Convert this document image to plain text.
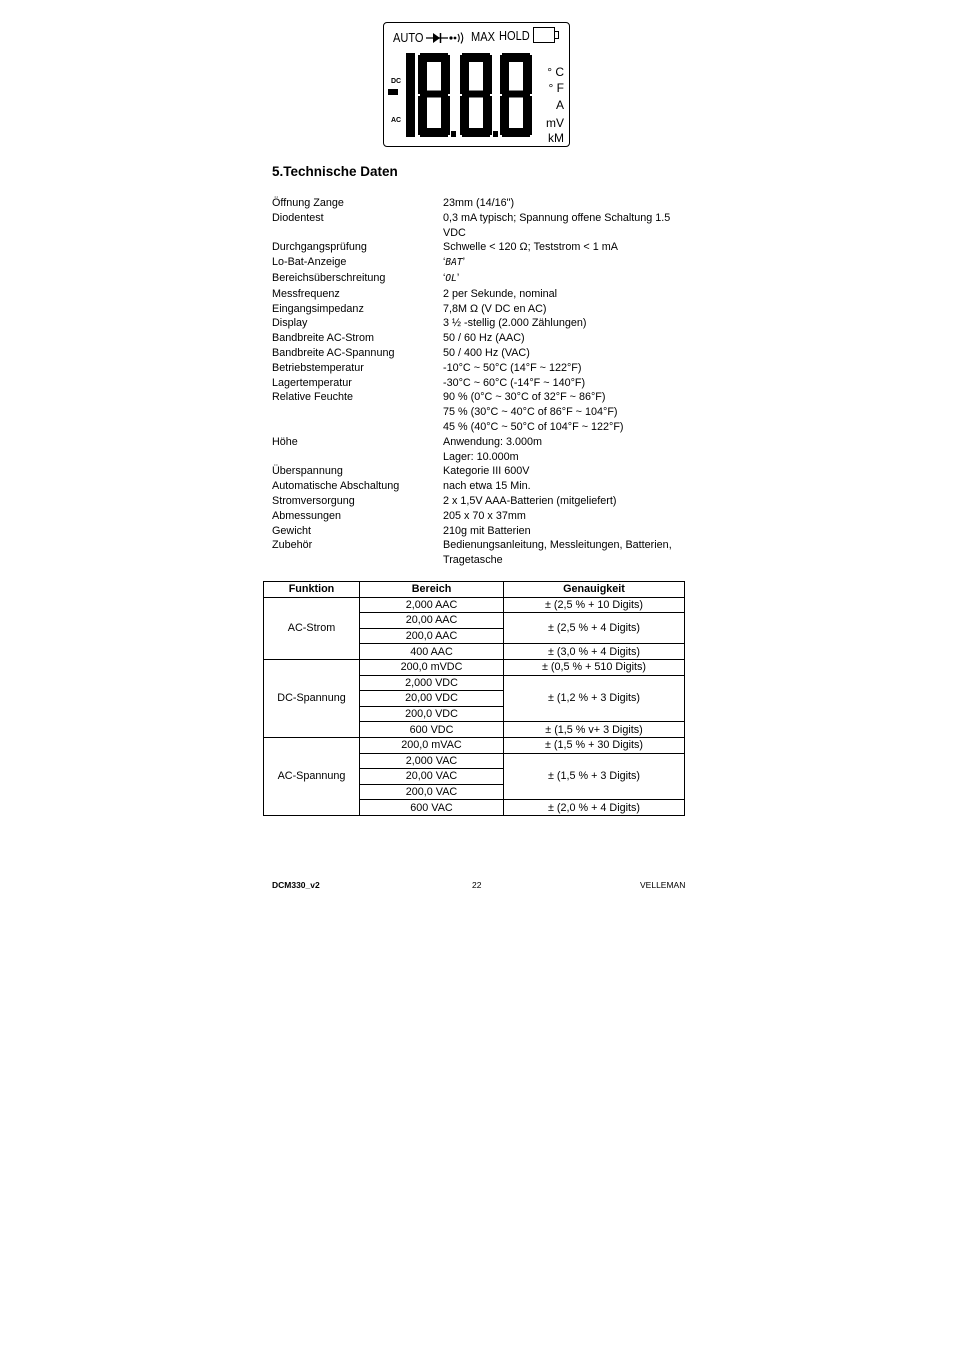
AUTO	MAX HOLD
DC
AC
° C
° F
A
mV
kM
5.Technische Daten
Öffnung Zange	23mm (14/16")
Diodentest	0,3 mA typisch; Spannung offene Schaltung 1.5
VDC
Durchgangsprüfung	Schwelle < 120 Ω; Teststrom < 1 mA
Lo-Bat-Anzeige	‘BAT’
Bereichsüberschreitung	‘OL’
Messfrequenz	2 per Sekunde, nominal
Eingangsimpedanz	7,8M Ω (V DC en AC)
Display	3 ½ -stellig (2.000 Zählungen)
Bandbreite AC-Strom	50 / 60 Hz (AAC)
Bandbreite AC-Spannung	50 / 400 Hz (VAC)
Betriebstemperatur	-10°C ~ 50°C (14°F ~ 122°F)
Lagertemperatur	-30°C ~ 60°C (-14°F ~ 140°F)
Relative Feuchte	90 % (0°C ~ 30°C of 32°F ~ 86°F)
75 % (30°C ~ 40°C of 86°F ~ 104°F)
45 % (40°C ~ 50°C of 104°F ~ 122°F)
Höhe	Anwendung: 3.000m
Lager: 10.000m
Überspannung	Kategorie III 600V
Automatische Abschaltung	nach etwa 15 Min.
Stromversorgung	2 x 1,5V AAA-Batterien (mitgeliefert)
Abmessungen	205 x 70 x 37mm
Gewicht	210g mit Batterien
Zubehör	Bedienungsanleitung, Messleitungen, Batterien,
Tragetasche
Funktion	Bereich	Genauigkeit
AC-Strom	2,000 AAC	± (2,5 % + 10 Digits)
	20,00 AAC	± (2,5 % + 4 Digits)
	200,0 AAC	
	400 AAC	± (3,0 % + 4 Digits)
DC-Spannung	200,0 mVDC	± (0,5 % + 510 Digits)
	2,000 VDC	± (1,2 % + 3 Digits)
	20,00 VDC	
	200,0 VDC	
	600 VDC	± (1,5 % v+ 3 Digits)
AC-Spannung	200,0 mVAC	± (1,5 % + 30 Digits)
	2,000 VAC	± (1,5 % + 3 Digits)
	20,00 VAC	
	200,0 VAC	
	600 VAC	± (2,0 % + 4 Digits)
DCM330_v2	22	VELLEMAN
